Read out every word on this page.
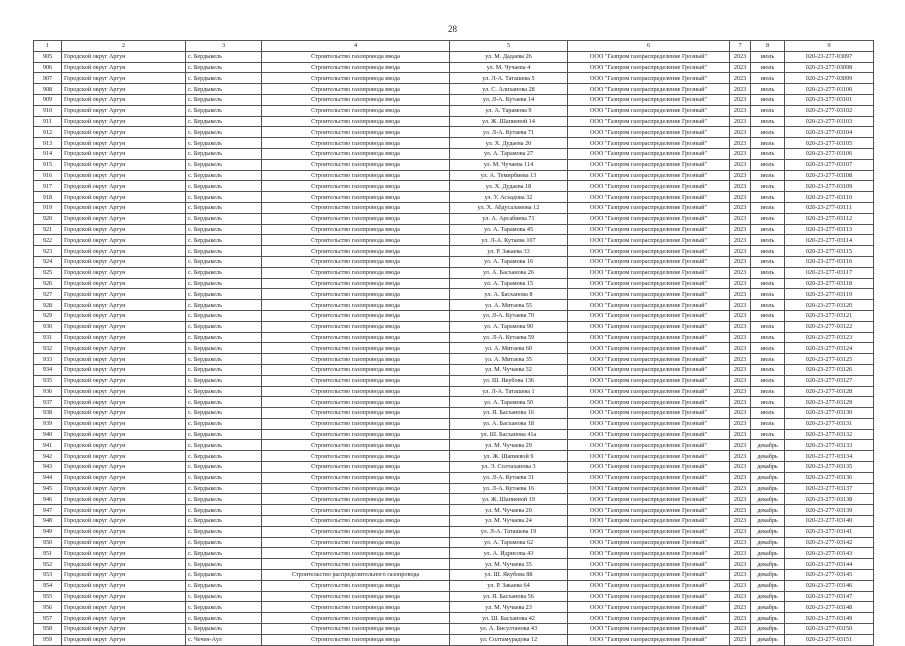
28
1	2	3	4	5	6	7	8	9
905	Городской округ Аргун	с. Бердыкель	Строительство газопровода ввода	ул. М. Дадаева 26	ООО "Газпром газораспределение Грозный"	2023	июль	020-23-277-03097
906	Городской округ Аргун	с. Бердыкель	Строительство газопровода ввода	ул. М. Чучаева 4	ООО "Газпром газораспределение Грозный"	2023	июль	020-23-277-03098
907	Городской округ Аргун	с. Бердыкель	Строительство газопровода ввода	ул. Л-А. Таташева 5	ООО "Газпром газораспределение Грозный"	2023	июль	020-23-277-03099
908	Городской округ Аргун	с. Бердыкель	Строительство газопровода ввода	ул. С. Алиханова 28	ООО "Газпром газораспределение Грозный"	2023	июль	020-23-277-03100
909	Городской округ Аргун	с. Бердыкель	Строительство газопровода ввода	ул. Л-А. Кутаева 14	ООО "Газпром газораспределение Грозный"	2023	июль	020-23-277-03101
910	Городской округ Аргун	с. Бердыкель	Строительство газопровода ввода	ул. А. Тарамова 9	ООО "Газпром газораспределение Грозный"	2023	июль	020-23-277-03102
911	Городской округ Аргун	с. Бердыкель	Строительство газопровода ввода	ул. Ж. Шапиевой 14	ООО "Газпром газораспределение Грозный"	2023	июль	020-23-277-03103
912	Городской округ Аргун	с. Бердыкель	Строительство газопровода ввода	ул. Л-А. Кутаева 71	ООО "Газпром газораспределение Грозный"	2023	июль	020-23-277-03104
913	Городской округ Аргун	с. Бердыкель	Строительство газопровода ввода	ул. Х. Дудаева 20	ООО "Газпром газораспределение Грозный"	2023	июль	020-23-277-03105
914	Городской округ Аргун	с. Бердыкель	Строительство газопровода ввода	ул. А. Тарамова 27	ООО "Газпром газораспределение Грозный"	2023	июль	020-23-277-03106
915	Городской округ Аргун	с. Бердыкель	Строительство газопровода ввода	ул. М. Чучаева 114	ООО "Газпром газораспределение Грозный"	2023	июль	020-23-277-03107
916	Городской округ Аргун	с. Бердыкель	Строительство газопровода ввода	ул. А. Темирбиева 13	ООО "Газпром газораспределение Грозный"	2023	июль	020-23-277-03108
917	Городской округ Аргун	с. Бердыкель	Строительство газопровода ввода	ул. Х. Дудаева 18	ООО "Газпром газораспределение Грозный"	2023	июль	020-23-277-03109
918	Городской округ Аргун	с. Бердыкель	Строительство газопровода ввода	ул. У. Асхадова 32	ООО "Газпром газораспределение Грозный"	2023	июль	020-23-277-03110
919	Городской округ Аргун	с. Бердыкель	Строительство газопровода ввода	ул. Х. Абдусаламова 12	ООО "Газпром газораспределение Грозный"	2023	июль	020-23-277-03111
920	Городской округ Аргун	с. Бердыкель	Строительство газопровода ввода	ул. А. Арсабиева 71	ООО "Газпром газораспределение Грозный"	2023	июль	020-23-277-03112
921	Городской округ Аргун	с. Бердыкель	Строительство газопровода ввода	ул. А. Тарамова 45	ООО "Газпром газораспределение Грозный"	2023	июль	020-23-277-03113
922	Городской округ Аргун	с. Бердыкель	Строительство газопровода ввода	ул. Л-А. Кутаева 107	ООО "Газпром газораспределение Грозный"	2023	июль	020-23-277-03114
923	Городской округ Аргун	с. Бердыкель	Строительство газопровода ввода	ул. Р. Закаева 33	ООО "Газпром газораспределение Грозный"	2023	июль	020-23-277-03115
924	Городской округ Аргун	с. Бердыкель	Строительство газопровода ввода	ул. А. Тарамова 16	ООО "Газпром газораспределение Грозный"	2023	июль	020-23-277-03116
925	Городской округ Аргун	с. Бердыкель	Строительство газопровода ввода	ул. А. Басханова 26	ООО "Газпром газораспределение Грозный"	2023	июль	020-23-277-03117
926	Городской округ Аргун	с. Бердыкель	Строительство газопровода ввода	ул. А. Тарамова 15	ООО "Газпром газораспределение Грозный"	2023	июль	020-23-277-03118
927	Городской округ Аргун	с. Бердыкель	Строительство газопровода ввода	ул. А. Басханова 8	ООО "Газпром газораспределение Грозный"	2023	июль	020-23-277-03119
928	Городской округ Аргун	с. Бердыкель	Строительство газопровода ввода	ул. А. Митаева 55	ООО "Газпром газораспределение Грозный"	2023	июль	020-23-277-03120
929	Городской округ Аргун	с. Бердыкель	Строительство газопровода ввода	ул. Л-А. Кутаева 70	ООО "Газпром газораспределение Грозный"	2023	июль	020-23-277-03121
930	Городской округ Аргун	с. Бердыкель	Строительство газопровода ввода	ул. А. Тарамова 90	ООО "Газпром газораспределение Грозный"	2023	июль	020-23-277-03122
931	Городской округ Аргун	с. Бердыкель	Строительство газопровода ввода	ул. Л-А. Кутаева 59	ООО "Газпром газораспределение Грозный"	2023	июль	020-23-277-03123
932	Городской округ Аргун	с. Бердыкель	Строительство газопровода ввода	ул. А. Митаева 60	ООО "Газпром газораспределение Грозный"	2023	июль	020-23-277-03124
933	Городской округ Аргун	с. Бердыкель	Строительство газопровода ввода	ул. А. Митаева 35	ООО "Газпром газораспределение Грозный"	2023	июль	020-23-277-03125
934	Городской округ Аргун	с. Бердыкель	Строительство газопровода ввода	ул. М. Чучаева 32	ООО "Газпром газораспределение Грозный"	2023	июль	020-23-277-03126
935	Городской округ Аргун	с. Бердыкель	Строительство газопровода ввода	ул. Ш. Якубова 136	ООО "Газпром газораспределение Грозный"	2023	июль	020-23-277-03127
936	Городской округ Аргун	с. Бердыкель	Строительство газопровода ввода	ул. Л-А. Таташева 1	ООО "Газпром газораспределение Грозный"	2023	июль	020-23-277-03128
937	Городской округ Аргун	с. Бердыкель	Строительство газопровода ввода	ул. А. Тарамова 50	ООО "Газпром газораспределение Грозный"	2023	июль	020-23-277-03129
938	Городской округ Аргун	с. Бердыкель	Строительство газопровода ввода	ул. Я. Басханова 16	ООО "Газпром газораспределение Грозный"	2023	июль	020-23-277-03130
939	Городской округ Аргун	с. Бердыкель	Строительство газопровода ввода	ул. А. Басханова 18	ООО "Газпром газораспределение Грозный"	2023	июль	020-23-277-03131
940	Городской округ Аргун	с. Бердыкель	Строительство газопровода ввода	ул. Ш. Басханова 41а	ООО "Газпром газораспределение Грозный"	2023	июль	020-23-277-03132
941	Городской округ Аргун	с. Бердыкель	Строительство газопровода ввода	ул. М. Чучаева 29	ООО "Газпром газораспределение Грозный"	2023	декабрь	020-23-277-03133
942	Городской округ Аргун	с. Бердыкель	Строительство газопровода ввода	ул. Ж. Шапиевой 9	ООО "Газпром газораспределение Грозный"	2023	декабрь	020-23-277-03134
943	Городской округ Аргун	с. Бердыкель	Строительство газопровода ввода	ул. Э. Солтаханова 3	ООО "Газпром газораспределение Грозный"	2023	декабрь	020-23-277-03135
944	Городской округ Аргун	с. Бердыкель	Строительство газопровода ввода	ул. Л-А. Кутаева 31	ООО "Газпром газораспределение Грозный"	2023	декабрь	020-23-277-03136
945	Городской округ Аргун	с. Бердыкель	Строительство газопровода ввода	ул. Л-А. Кутаева 16	ООО "Газпром газораспределение Грозный"	2023	декабрь	020-23-277-03137
946	Городской округ Аргун	с. Бердыкель	Строительство газопровода ввода	ул. Ж. Шапиевой 19	ООО "Газпром газораспределение Грозный"	2023	декабрь	020-23-277-03138
947	Городской округ Аргун	с. Бердыкель	Строительство газопровода ввода	ул. М. Чучаева 20	ООО "Газпром газораспределение Грозный"	2023	декабрь	020-23-277-03139
948	Городской округ Аргун	с. Бердыкель	Строительство газопровода ввода	ул. М. Чучаева 24	ООО "Газпром газораспределение Грозный"	2023	декабрь	020-23-277-03140
949	Городской округ Аргун	с. Бердыкель	Строительство газопровода ввода	ул. Л-А. Таташева 19	ООО "Газпром газораспределение Грозный"	2023	декабрь	020-23-277-03141
950	Городской округ Аргун	с. Бердыкель	Строительство газопровода ввода	ул. А. Тарамова 62	ООО "Газпром газораспределение Грозный"	2023	декабрь	020-23-277-03142
951	Городской округ Аргун	с. Бердыкель	Строительство газопровода ввода	ул. А. Идрисова 43	ООО "Газпром газораспределение Грозный"	2023	декабрь	020-23-277-03143
952	Городской округ Аргун	с. Бердыкель	Строительство газопровода ввода	ул. М. Чучаева 35	ООО "Газпром газораспределение Грозный"	2023	декабрь	020-23-277-03144
953	Городской округ Аргун	с. Бердыкель	Строительство распределительного газопровода	ул. Ш. Якубова 88	ООО "Газпром газораспределение Грозный"	2023	декабрь	020-23-277-03145
954	Городской округ Аргун	с. Бердыкель	Строительство газопровода ввода	ул. Р. Закаева 64	ООО "Газпром газораспределение Грозный"	2023	декабрь	020-23-277-03146
955	Городской округ Аргун	с. Бердыкель	Строительство газопровода ввода	ул. Я. Басханова 56	ООО "Газпром газораспределение Грозный"	2023	декабрь	020-23-277-03147
956	Городской округ Аргун	с. Бердыкель	Строительство газопровода ввода	ул. М. Чучаева 23	ООО "Газпром газораспределение Грозный"	2023	декабрь	020-23-277-03148
957	Городской округ Аргун	с. Бердыкель	Строительство газопровода ввода	ул. Ш. Басханова 42	ООО "Газпром газораспределение Грозный"	2023	декабрь	020-23-277-03149
958	Городской округ Аргун	с. Бердыкель	Строительство газопровода ввода	ул. А. Бисултанова 43	ООО "Газпром газораспределение Грозный"	2023	декабрь	020-23-277-03150
959	Городской округ Аргун	с. Чечен-Аул	Строительство газопровода ввода	ул. Солтамурадова 12	ООО "Газпром газораспределение Грозный"	2023	декабрь	020-23-277-03151
